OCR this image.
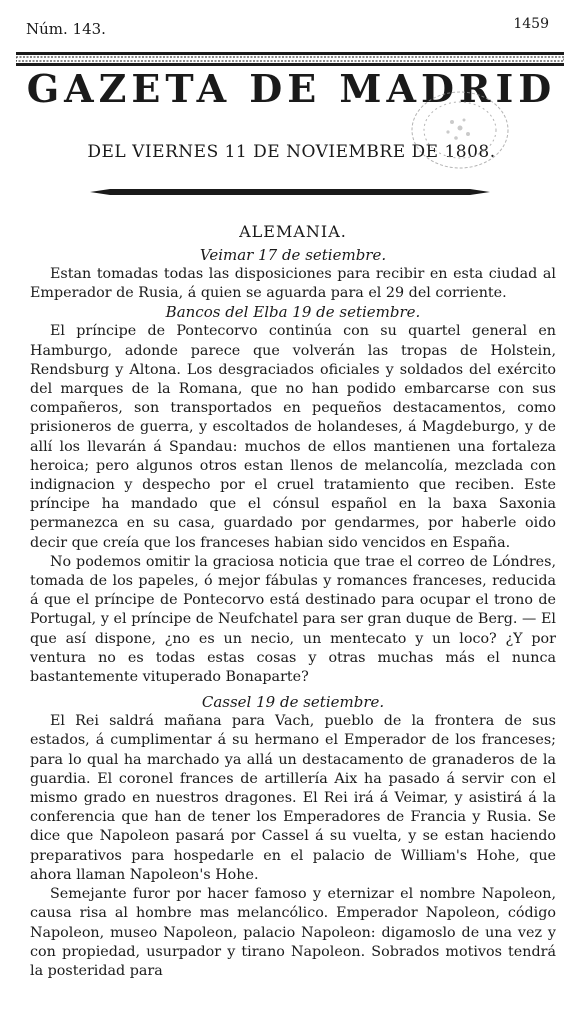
Núm. 143.	1459
GAZETA DE MADRID
DEL VIERNES 11 DE NOVIEMBRE DE 1808.
ALEMANIA.
Veimar 17 de setiembre.

Estan tomadas todas las disposiciones para recibir en esta ciudad al Emperador de Rusia, á quien se aguarda para el 29 del corriente.

Bancos del Elba 19 de setiembre.

El príncipe de Pontecorvo continúa con su quartel general en Hamburgo, adonde parece que volverán las tropas de Holstein, Rendsburg y Altona. Los desgraciados oficiales y soldados del exército del marques de la Romana, que no han podido embarcarse con sus compañeros, son transportados en pequeños destacamentos, como prisioneros de guerra, y escoltados de holandeses, á Magdeburgo, y de allí los llevarán á Spandau: muchos de ellos mantienen una fortaleza heroica; pero algunos otros estan llenos de melancolía, mezclada con indignacion y despecho por el cruel tratamiento que reciben. Este príncipe ha mandado que el cónsul español en la baxa Saxonia permanezca en su casa, guardado por gendarmes, por haberle oido decir que creía que los franceses habian sido vencidos en España.

No podemos omitir la graciosa noticia que trae el correo de Lóndres, tomada de los papeles, ó mejor fábulas y romances franceses, reducida á que el príncipe de Pontecorvo está destinado para ocupar el trono de Portugal, y el príncipe de Neufchatel para ser gran duque de Berg. — El que así dispone, ¿no es un necio, un mentecato y un loco? ¿Y por ventura no es todas estas cosas y otras muchas más el nunca bastantemente vituperado Bonaparte?

Cassel 19 de setiembre.

El Rei saldrá mañana para Vach, pueblo de la frontera de sus estados, á cumplimentar á su hermano el Emperador de los franceses; para lo qual ha marchado ya allá un destacamento de granaderos de la guardia. El coronel frances de artillería Aix ha pasado á servir con el mismo grado en nuestros dragones. El Rei irá á Veimar, y asistirá á la conferencia que han de tener los Emperadores de Francia y Rusia. Se dice que Napoleon pasará por Cassel á su vuelta, y se estan haciendo preparativos para hospedarle en el palacio de William's Hohe, que ahora llaman Napoleon's Hohe.

Semejante furor por hacer famoso y eternizar el nombre Napoleon, causa risa al hombre mas melancólico. Emperador Napoleon, código Napoleon, museo Napoleon, palacio Napoleon: digamoslo de una vez y con propiedad, usurpador y tirano Napoleon. Sobrados motivos tendrá la posteridad para
